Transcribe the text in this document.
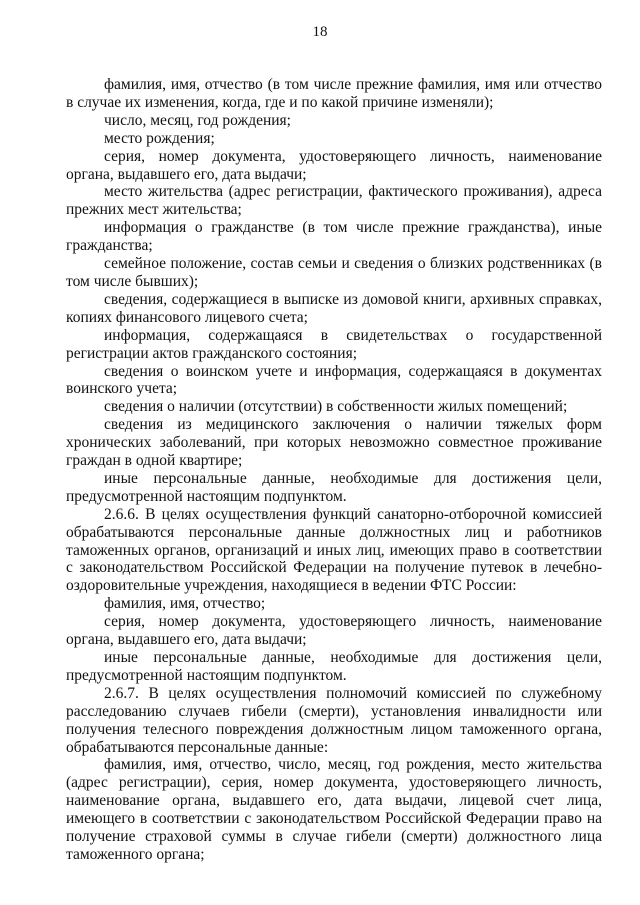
18

фамилия, имя, отчество (в том числе прежние фамилия, имя или отчество в случае их изменения, когда, где и по какой причине изменяли);

число, месяц, год рождения;

место рождения;

серия, номер документа, удостоверяющего личность, наименование органа, выдавшего его, дата выдачи;

место жительства (адрес регистрации, фактического проживания), адреса прежних мест жительства;

информация о гражданстве (в том числе прежние гражданства), иные гражданства;

семейное положение, состав семьи и сведения о близких родственниках (в том числе бывших);

сведения, содержащиеся в выписке из домовой книги, архивных справках, копиях финансового лицевого счета;

информация, содержащаяся в свидетельствах о государственной регистрации актов гражданского состояния;

сведения о воинском учете и информация, содержащаяся в документах воинского учета;

сведения о наличии (отсутствии) в собственности жилых помещений;

сведения из медицинского заключения о наличии тяжелых форм хронических заболеваний, при которых невозможно совместное проживание граждан в одной квартире;

иные персональные данные, необходимые для достижения цели, предусмотренной настоящим подпунктом.

2.6.6. В целях осуществления функций санаторно-отборочной комиссией обрабатываются персональные данные должностных лиц и работников таможенных органов, организаций и иных лиц, имеющих право в соответствии с законодательством Российской Федерации на получение путевок в лечебно-оздоровительные учреждения, находящиеся в ведении ФТС России:

фамилия, имя, отчество;

серия, номер документа, удостоверяющего личность, наименование органа, выдавшего его, дата выдачи;

иные персональные данные, необходимые для достижения цели, предусмотренной настоящим подпунктом.

2.6.7. В целях осуществления полномочий комиссией по служебному расследованию случаев гибели (смерти), установления инвалидности или получения телесного повреждения должностным лицом таможенного органа, обрабатываются персональные данные:

фамилия, имя, отчество, число, месяц, год рождения, место жительства (адрес регистрации), серия, номер документа, удостоверяющего личность, наименование органа, выдавшего его, дата выдачи, лицевой счет лица, имеющего в соответствии с законодательством Российской Федерации право на получение страховой суммы в случае гибели (смерти) должностного лица таможенного органа;
